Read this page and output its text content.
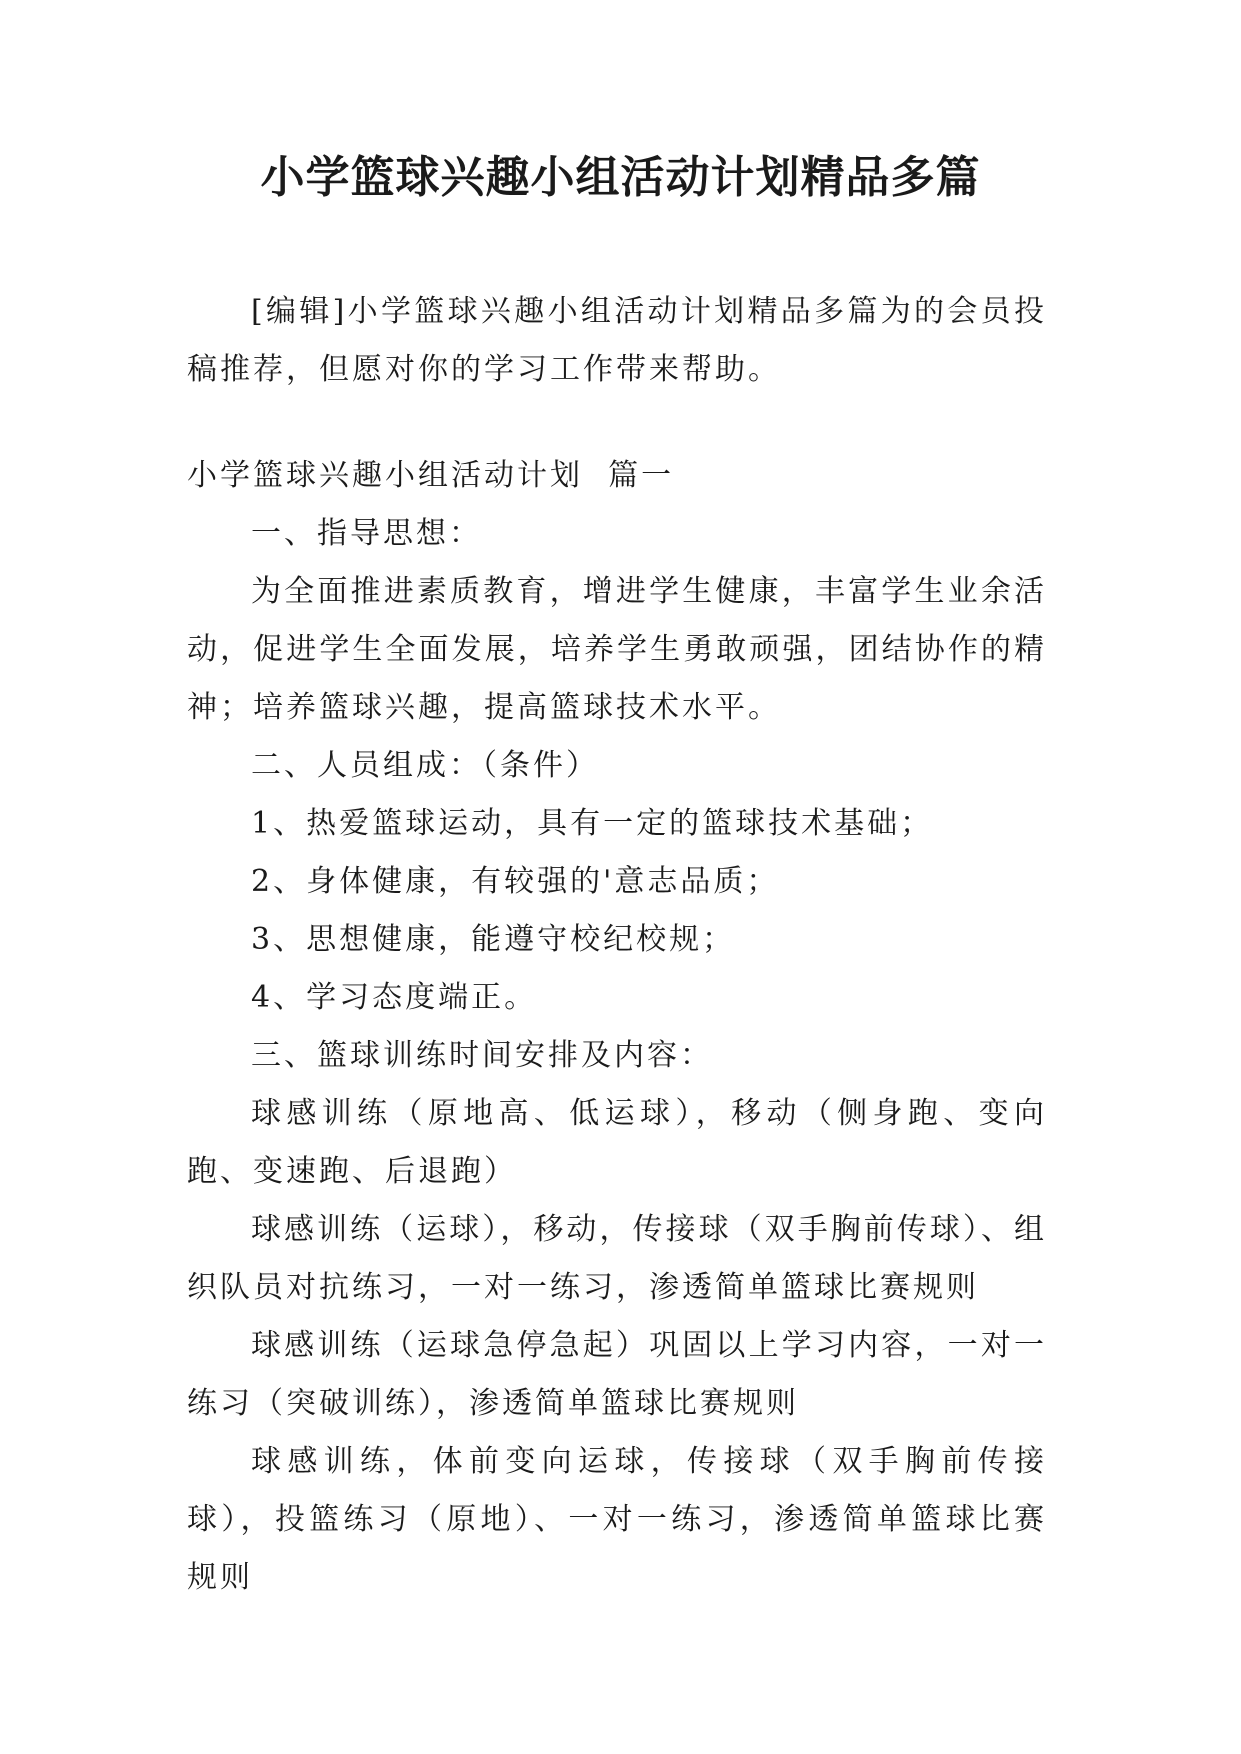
小学篮球兴趣小组活动计划精品多篇

[编辑]小学篮球兴趣小组活动计划精品多篇为的会员投稿推荐，但愿对你的学习工作带来帮助。

小学篮球兴趣小组活动计划  篇一

一、指导思想：

为全面推进素质教育，增进学生健康，丰富学生业余活动，促进学生全面发展，培养学生勇敢顽强，团结协作的精神；培养篮球兴趣，提高篮球技术水平。

二、人员组成：（条件）

1、热爱篮球运动，具有一定的篮球技术基础；

2、身体健康，有较强的'意志品质；

3、思想健康，能遵守校纪校规；

4、学习态度端正。

三、篮球训练时间安排及内容：

球感训练（原地高、低运球），移动（侧身跑、变向跑、变速跑、后退跑）

球感训练（运球），移动，传接球（双手胸前传球）、组织队员对抗练习，一对一练习，渗透简单篮球比赛规则

球感训练（运球急停急起）巩固以上学习内容，一对一练习（突破训练），渗透简单篮球比赛规则

球感训练，体前变向运球，传接球（双手胸前传接球），投篮练习（原地）、一对一练习，渗透简单篮球比赛规则
